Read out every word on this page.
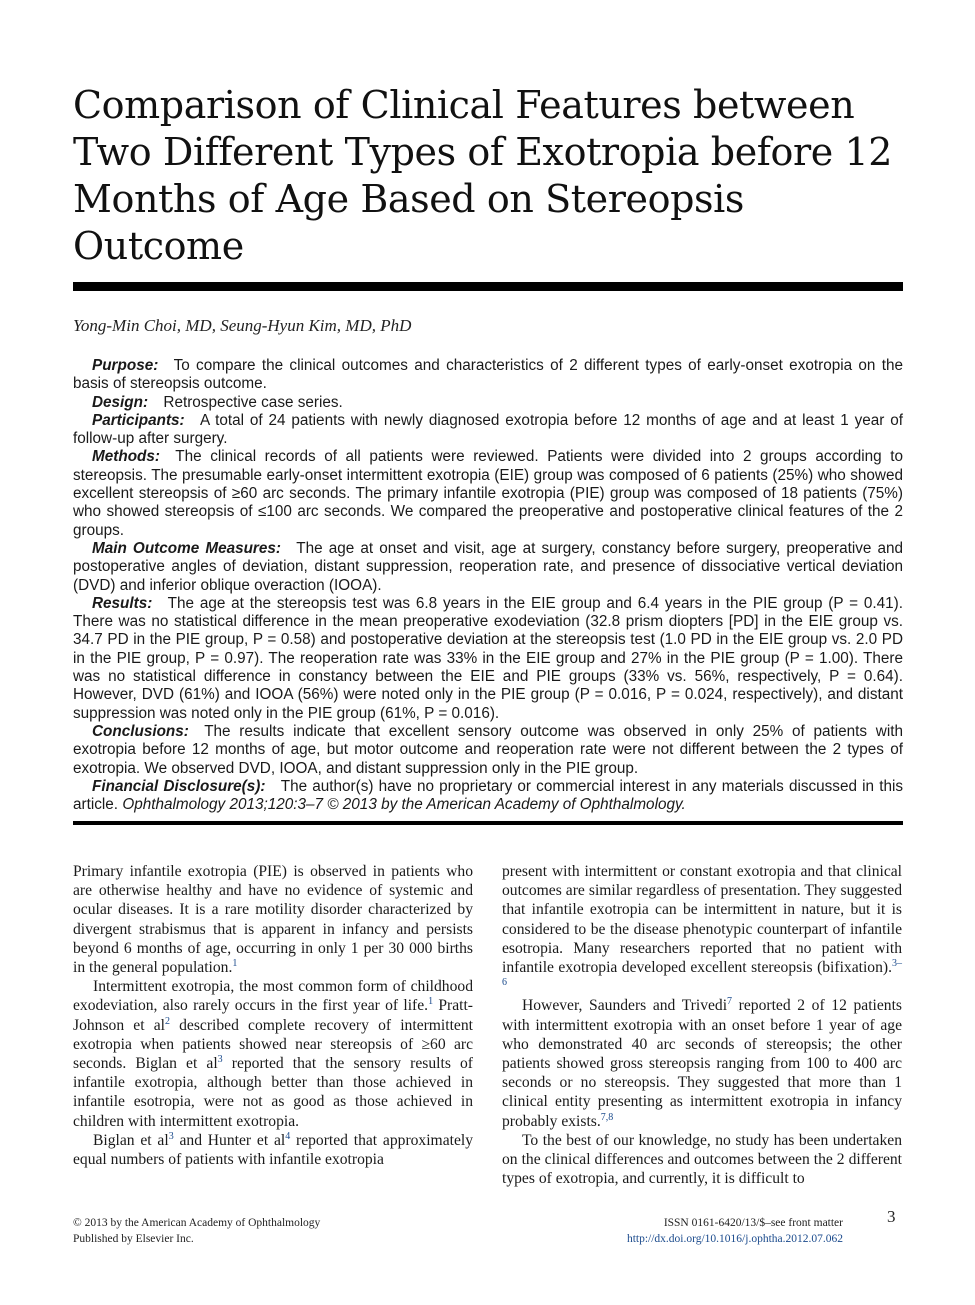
Comparison of Clinical Features between Two Different Types of Exotropia before 12 Months of Age Based on Stereopsis Outcome
Yong-Min Choi, MD, Seung-Hyun Kim, MD, PhD

Purpose:  To compare the clinical outcomes and characteristics of 2 different types of early-onset exotropia on the basis of stereopsis outcome.

Design:  Retrospective case series.

Participants:  A total of 24 patients with newly diagnosed exotropia before 12 months of age and at least 1 year of follow-up after surgery.

Methods:  The clinical records of all patients were reviewed. Patients were divided into 2 groups according to stereopsis. The presumable early-onset intermittent exotropia (EIE) group was composed of 6 patients (25%) who showed excellent stereopsis of ≥60 arc seconds. The primary infantile exotropia (PIE) group was composed of 18 patients (75%) who showed stereopsis of ≤100 arc seconds. We compared the preoperative and postoperative clinical features of the 2 groups.

Main Outcome Measures:  The age at onset and visit, age at surgery, constancy before surgery, preoperative and postoperative angles of deviation, distant suppression, reoperation rate, and presence of dissociative vertical deviation (DVD) and inferior oblique overaction (IOOA).

Results:  The age at the stereopsis test was 6.8 years in the EIE group and 6.4 years in the PIE group (P = 0.41). There was no statistical difference in the mean preoperative exodeviation (32.8 prism diopters [PD] in the EIE group vs. 34.7 PD in the PIE group, P = 0.58) and postoperative deviation at the stereopsis test (1.0 PD in the EIE group vs. 2.0 PD in the PIE group, P = 0.97). The reoperation rate was 33% in the EIE group and 27% in the PIE group (P = 1.00). There was no statistical difference in constancy between the EIE and PIE groups (33% vs. 56%, respectively, P = 0.64). However, DVD (61%) and IOOA (56%) were noted only in the PIE group (P = 0.016, P = 0.024, respectively), and distant suppression was noted only in the PIE group (61%, P = 0.016).

Conclusions:  The results indicate that excellent sensory outcome was observed in only 25% of patients with exotropia before 12 months of age, but motor outcome and reoperation rate were not different between the 2 types of exotropia. We observed DVD, IOOA, and distant suppression only in the PIE group.

Financial Disclosure(s):  The author(s) have no proprietary or commercial interest in any materials discussed in this article. Ophthalmology 2013;120:3–7 © 2013 by the American Academy of Ophthalmology.

Primary infantile exotropia (PIE) is observed in patients who are otherwise healthy and have no evidence of systemic and ocular diseases. It is a rare motility disorder characterized by divergent strabismus that is apparent in infancy and persists beyond 6 months of age, occurring in only 1 per 30 000 births in the general population.$^1$

Intermittent exotropia, the most common form of childhood exodeviation, also rarely occurs in the first year of life.$^1$ Pratt-Johnson et al$^2$ described complete recovery of intermittent exotropia when patients showed near stereopsis of ≥60 arc seconds. Biglan et al$^3$ reported that the sensory results of infantile exotropia, although better than those achieved in infantile esotropia, were not as good as those achieved in children with intermittent exotropia.

Biglan et al$^3$ and Hunter et al$^4$ reported that approximately equal numbers of patients with infantile exotropia

present with intermittent or constant exotropia and that clinical outcomes are similar regardless of presentation. They suggested that infantile exotropia can be intermittent in nature, but it is considered to be the disease phenotypic counterpart of infantile esotropia. Many researchers reported that no patient with infantile exotropia developed excellent stereopsis (bifixation).$^{3-6}$

However, Saunders and Trivedi$^7$ reported 2 of 12 patients with intermittent exotropia with an onset before 1 year of age who demonstrated 40 arc seconds of stereopsis; the other patients showed gross stereopsis ranging from 100 to 400 arc seconds or no stereopsis. They suggested that more than 1 clinical entity presenting as intermittent exotropia in infancy probably exists.$^{7,8}$

To the best of our knowledge, no study has been undertaken on the clinical differences and outcomes between the 2 different types of exotropia, and currently, it is difficult to

© 2013 by the American Academy of Ophthalmology
Published by Elsevier Inc.
ISSN 0161-6420/13/$–see front matter
http://dx.doi.org/10.1016/j.ophtha.2012.07.062
3
